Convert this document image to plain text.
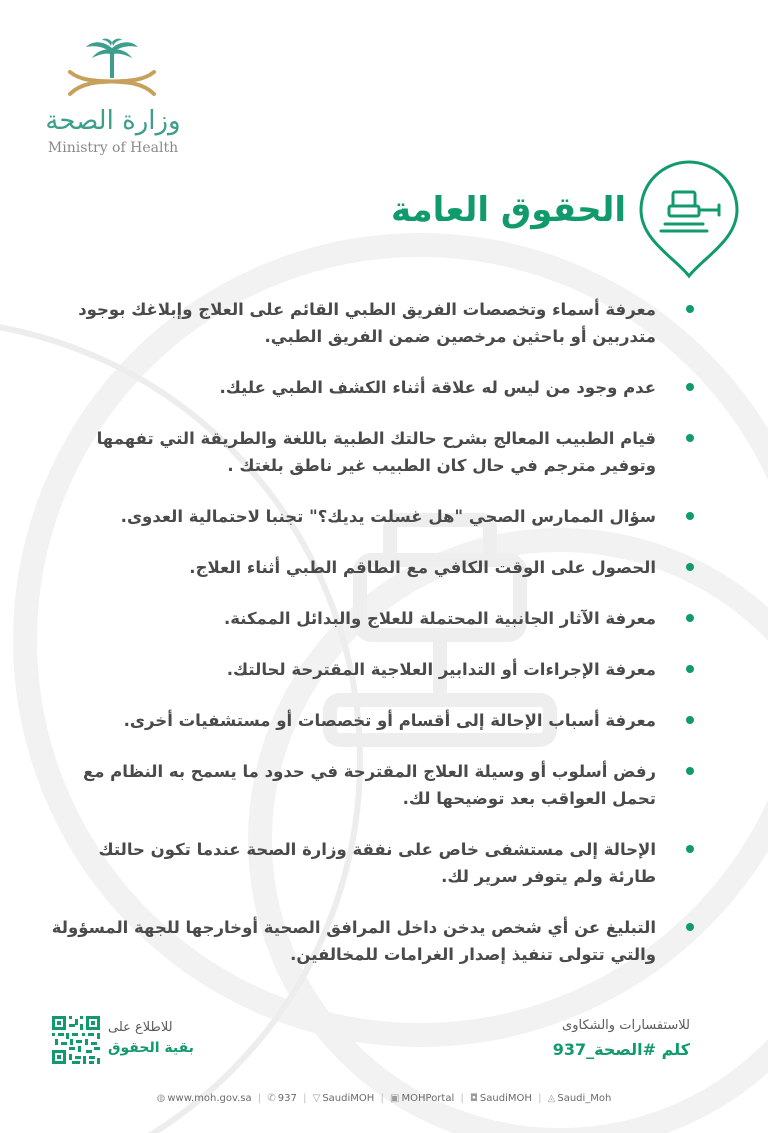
وزارة الصحة
Ministry of Health
الحقوق العامة
معرفة أسماء وتخصصات الفريق الطبي القائم على العلاج وإبلاغك بوجود متدربين أو باحثين مرخصين ضمن الفريق الطبي.
عدم وجود من ليس له علاقة أثناء الكشف الطبي عليك.
قيام الطبيب المعالج بشرح حالتك الطبية باللغة والطريقة التي تفهمها وتوفير مترجم في حال كان الطبيب غير ناطق بلغتك .
سؤال الممارس الصحي "هل غسلت يديك؟" تجنبا لاحتمالية العدوى.
الحصول على الوقت الكافي مع الطاقم الطبي أثناء العلاج.
معرفة الآثار الجانبية المحتملة للعلاج والبدائل الممكنة.
معرفة الإجراءات أو التدابير العلاجية المقترحة لحالتك.
معرفة أسباب الإحالة إلى أقسام أو تخصصات أو مستشفيات أخرى.
رفض أسلوب أو وسيلة العلاج المقترحة في حدود ما يسمح به النظام مع تحمل العواقب بعد توضيحها لك.
الإحالة إلى مستشفى خاص على نفقة وزارة الصحة عندما تكون حالتك طارئة ولم يتوفر سرير لك.
التبليغ عن أي شخص يدخن داخل المرافق الصحية أوخارجها للجهة المسؤولة والتي تتولى تنفيذ إصدار الغرامات للمخالفين.
للاطلاع على
بقية الحقوق
للاستفسارات والشكاوى
كلم #الصحة_937
◍ www.moh.gov.sa | ✆ 937 | ▽ SaudiMOH | ▣ MOHPortal | ◘ SaudiMOH | ◬ Saudi_Moh
